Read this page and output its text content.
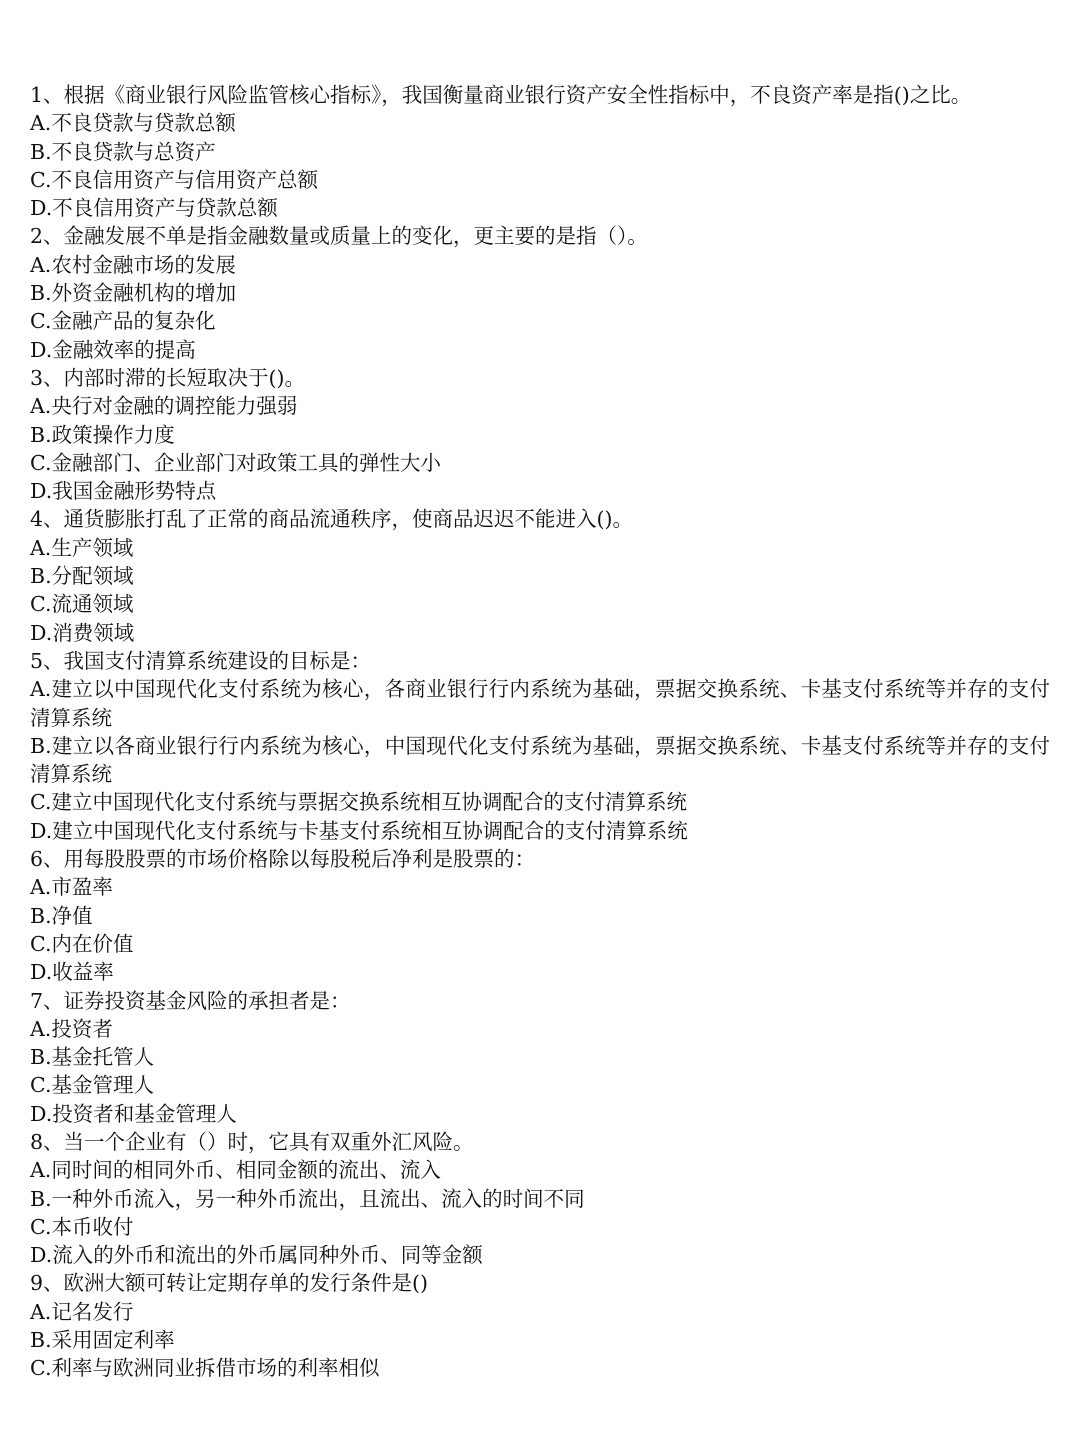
1、根据《商业银行风险监管核心指标》，我国衡量商业银行资产安全性指标中，不良资产率是指()之比。
A.不良贷款与贷款总额
B.不良贷款与总资产
C.不良信用资产与信用资产总额
D.不良信用资产与贷款总额
2、金融发展不单是指金融数量或质量上的变化，更主要的是指（）。
A.农村金融市场的发展
B.外资金融机构的增加
C.金融产品的复杂化
D.金融效率的提高
3、内部时滞的长短取决于()。
A.央行对金融的调控能力强弱
B.政策操作力度
C.金融部门、企业部门对政策工具的弹性大小
D.我国金融形势特点
4、通货膨胀打乱了正常的商品流通秩序，使商品迟迟不能进入()。
A.生产领域
B.分配领域
C.流通领域
D.消费领域
5、我国支付清算系统建设的目标是：
A.建立以中国现代化支付系统为核心，各商业银行行内系统为基础，票据交换系统、卡基支付系统等并存的支付清算系统
B.建立以各商业银行行内系统为核心，中国现代化支付系统为基础，票据交换系统、卡基支付系统等并存的支付清算系统
C.建立中国现代化支付系统与票据交换系统相互协调配合的支付清算系统
D.建立中国现代化支付系统与卡基支付系统相互协调配合的支付清算系统
6、用每股股票的市场价格除以每股税后净利是股票的：
A.市盈率
B.净值
C.内在价值
D.收益率
7、证券投资基金风险的承担者是：
A.投资者
B.基金托管人
C.基金管理人
D.投资者和基金管理人
8、当一个企业有（）时，它具有双重外汇风险。
A.同时间的相同外币、相同金额的流出、流入
B.一种外币流入，另一种外币流出，且流出、流入的时间不同
C.本币收付
D.流入的外币和流出的外币属同种外币、同等金额
9、欧洲大额可转让定期存单的发行条件是()
A.记名发行
B.采用固定利率
C.利率与欧洲同业拆借市场的利率相似
